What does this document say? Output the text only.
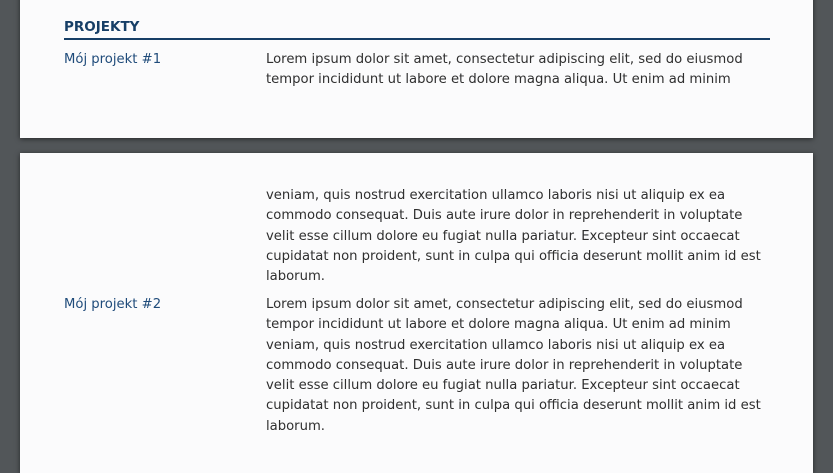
PROJEKTY
Mój projekt #1	Lorem ipsum dolor sit amet, consectetur adipiscing elit, sed do eiusmod
tempor incididunt ut labore et dolore magna aliqua. Ut enim ad minim
veniam, quis nostrud exercitation ullamco laboris nisi ut aliquip ex ea
commodo consequat. Duis aute irure dolor in reprehenderit in voluptate
velit esse cillum dolore eu fugiat nulla pariatur. Excepteur sint occaecat
cupidatat non proident, sunt in culpa qui officia deserunt mollit anim id est
laborum.
Mój projekt #2	Lorem ipsum dolor sit amet, consectetur adipiscing elit, sed do eiusmod
tempor incididunt ut labore et dolore magna aliqua. Ut enim ad minim
veniam, quis nostrud exercitation ullamco laboris nisi ut aliquip ex ea
commodo consequat. Duis aute irure dolor in reprehenderit in voluptate
velit esse cillum dolore eu fugiat nulla pariatur. Excepteur sint occaecat
cupidatat non proident, sunt in culpa qui officia deserunt mollit anim id est
laborum.
